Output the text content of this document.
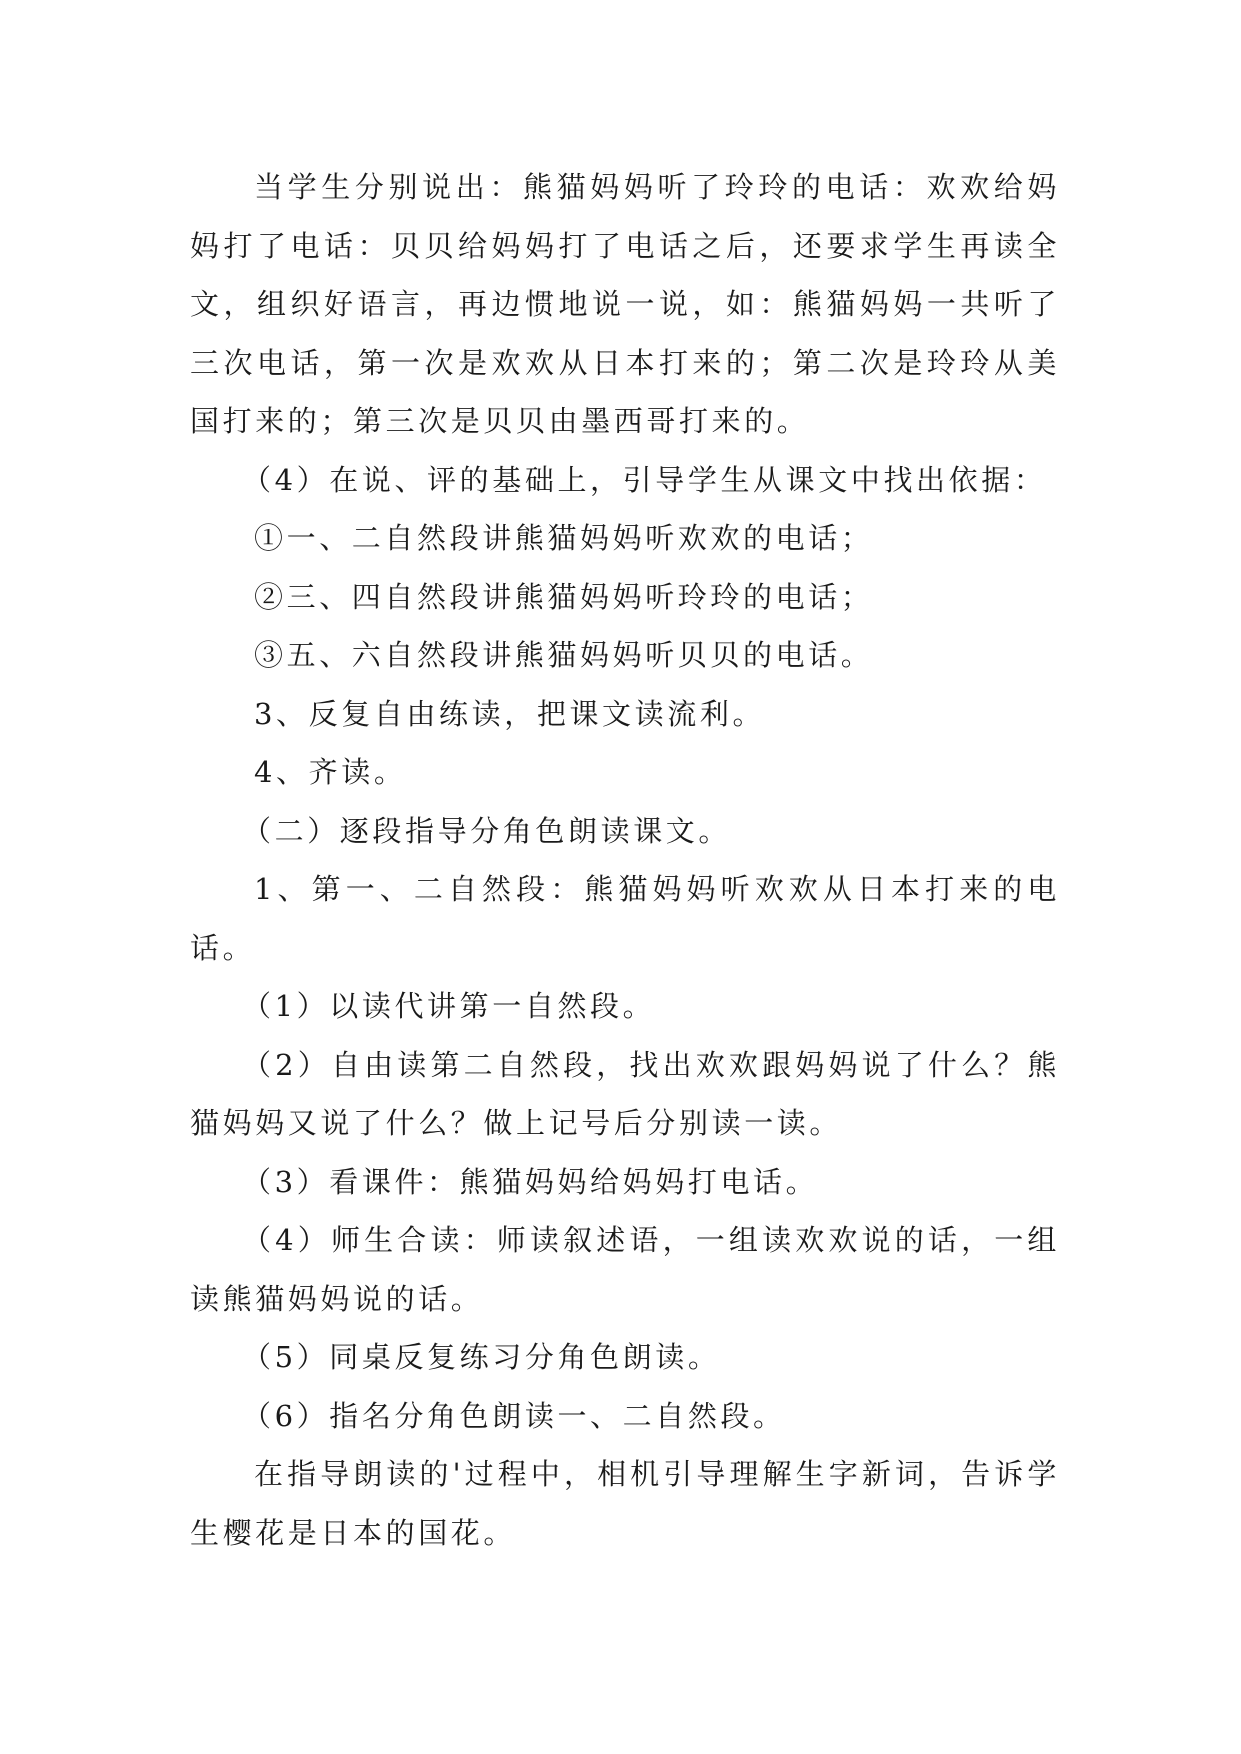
当学生分别说出：熊猫妈妈听了玲玲的电话：欢欢给妈妈打了电话：贝贝给妈妈打了电话之后，还要求学生再读全文，组织好语言，再边惯地说一说，如：熊猫妈妈一共听了三次电话，第一次是欢欢从日本打来的；第二次是玲玲从美国打来的；第三次是贝贝由墨西哥打来的。

（4）在说、评的基础上，引导学生从课文中找出依据：

①一、二自然段讲熊猫妈妈听欢欢的电话；

②三、四自然段讲熊猫妈妈听玲玲的电话；

③五、六自然段讲熊猫妈妈听贝贝的电话。

3、反复自由练读，把课文读流利。

4、齐读。

（二）逐段指导分角色朗读课文。

1、第一、二自然段：熊猫妈妈听欢欢从日本打来的电话。

（1）以读代讲第一自然段。

（2）自由读第二自然段，找出欢欢跟妈妈说了什么？熊猫妈妈又说了什么？做上记号后分别读一读。

（3）看课件：熊猫妈妈给妈妈打电话。

（4）师生合读：师读叙述语，一组读欢欢说的话，一组读熊猫妈妈说的话。

（5）同桌反复练习分角色朗读。

（6）指名分角色朗读一、二自然段。

在指导朗读的'过程中，相机引导理解生字新词，告诉学生樱花是日本的国花。
